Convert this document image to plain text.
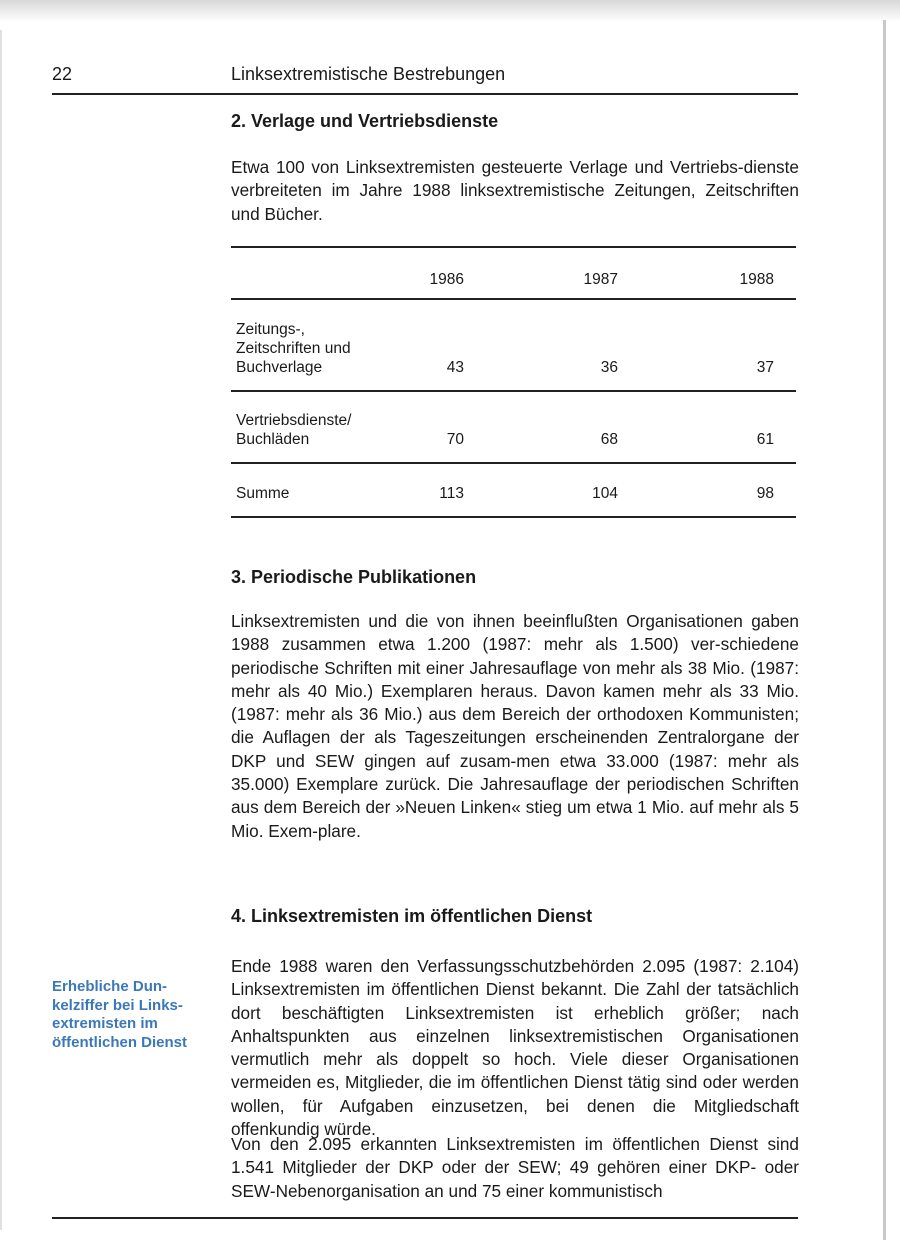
22	Linksextremistische Bestrebungen
2. Verlage und Vertriebsdienste

Etwa 100 von Linksextremisten gesteuerte Verlage und Vertriebs-dienste verbreiteten im Jahre 1988 linksextremistische Zeitungen, Zeitschriften und Bücher.

1986	1987	1988
Zeitungs-,
Zeitschriften und
Buchverlage	43	36	37
Vertriebsdienste/
Buchläden	70	68	61
Summe	113	104	98
3. Periodische Publikationen

Linksextremisten und die von ihnen beeinflußten Organisationen gaben 1988 zusammen etwa 1.200 (1987: mehr als 1.500) ver-schiedene periodische Schriften mit einer Jahresauflage von mehr als 38 Mio. (1987: mehr als 40 Mio.) Exemplaren heraus. Davon kamen mehr als 33 Mio. (1987: mehr als 36 Mio.) aus dem Bereich der orthodoxen Kommunisten; die Auflagen der als Tageszeitungen erscheinenden Zentralorgane der DKP und SEW gingen auf zusam-men etwa 33.000 (1987: mehr als 35.000) Exemplare zurück. Die Jahresauflage der periodischen Schriften aus dem Bereich der »Neuen Linken« stieg um etwa 1 Mio. auf mehr als 5 Mio. Exem-plare.

4. Linksextremisten im öffentlichen Dienst
Erhebliche Dun-kelziffer bei Links-extremisten im öffentlichen Dienst

Ende 1988 waren den Verfassungsschutzbehörden 2.095 (1987: 2.104) Linksextremisten im öffentlichen Dienst bekannt. Die Zahl der tatsächlich dort beschäftigten Linksextremisten ist erheblich größer; nach Anhaltspunkten aus einzelnen linksextremistischen Organisationen vermutlich mehr als doppelt so hoch. Viele dieser Organisationen vermeiden es, Mitglieder, die im öffentlichen Dienst tätig sind oder werden wollen, für Aufgaben einzusetzen, bei denen die Mitgliedschaft offenkundig würde.

Von den 2.095 erkannten Linksextremisten im öffentlichen Dienst sind 1.541 Mitglieder der DKP oder der SEW; 49 gehören einer DKP- oder SEW-Nebenorganisation an und 75 einer kommunistisch
